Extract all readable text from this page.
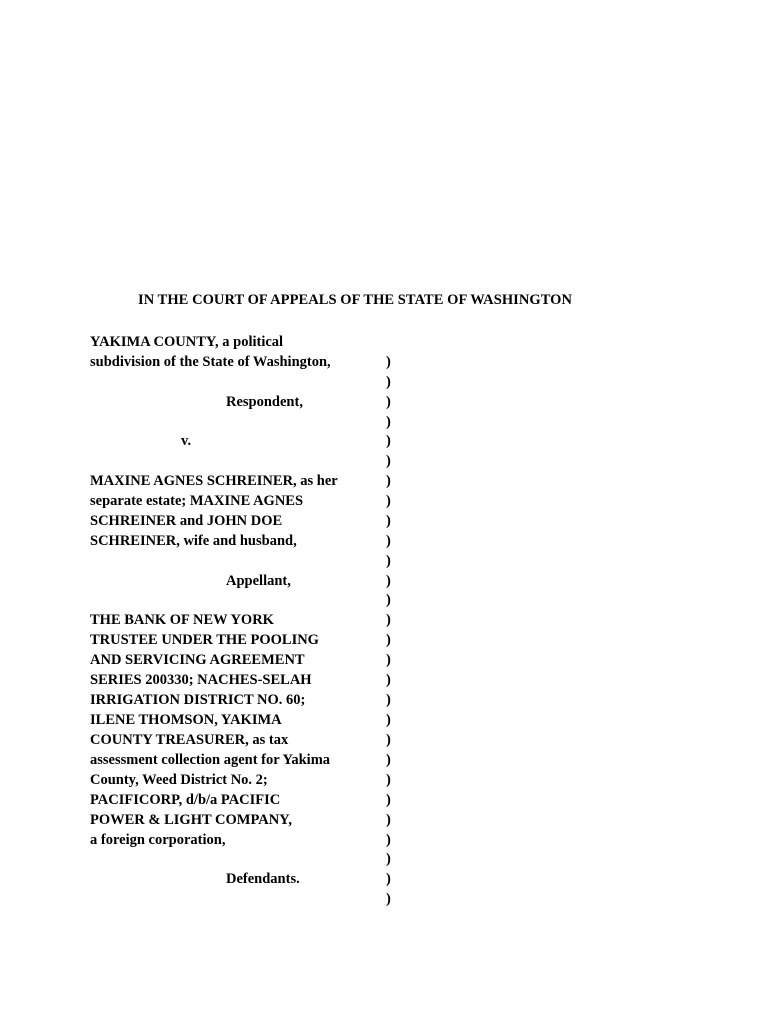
IN THE COURT OF APPEALS OF THE STATE OF WASHINGTON
YAKIMA COUNTY, a political
subdivision of the State of Washington,
Respondent,
v.
MAXINE AGNES SCHREINER, as her
separate estate; MAXINE AGNES
SCHREINER and JOHN DOE
SCHREINER, wife and husband,
Appellant,
THE BANK OF NEW YORK
TRUSTEE UNDER THE POOLING
AND SERVICING AGREEMENT
SERIES 200330; NACHES-SELAH
IRRIGATION DISTRICT NO. 60;
ILENE THOMSON, YAKIMA
COUNTY TREASURER, as tax
assessment collection agent for Yakima
County, Weed District No. 2;
PACIFICORP, d/b/a PACIFIC
POWER & LIGHT COMPANY,
a foreign corporation,
Defendants.
)
)
)
)
)
)
)
)
)
)
)
)
)
)
)
)
)
)
)
)
)
)
)
)
)
)
)
)
